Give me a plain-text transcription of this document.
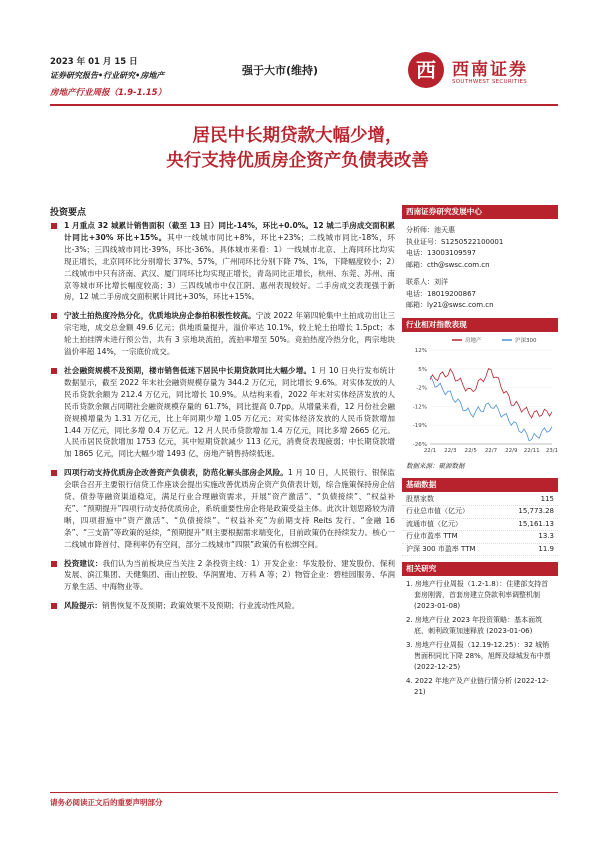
2023 年 01 月 15 日
证券研究报告•行业研究•房地产
房地产行业周报（1.9-1.15）
强于大市(维持)	西 西南证券
SOUTHWEST SECURITIES
居民中长期贷款大幅少增，
央行支持优质房企资产负债表改善
投资要点
1 月重点 32 城累计销售面积（截至 13 日）同比-14%，环比+0.0%。12 城二手房成交面积累计同比+30% 环比+15%。其中一线城市同比+8%，环比+23%；二线城市同比-18%，环比-3%；三四线城市同比-39%，环比-36%。具体城市来看：1）一线城市北京、上海同环比均实现正增长，北京同环比分别增长 37%、57%，广州同环比分别下降 7%、1%，下降幅度较小；2）二线城市中只有济南、武汉、厦门同环比均实现正增长，青岛同比正增长，杭州、东莞、苏州、南京等城市环比增长幅度较高；3）三四线城市中仅江阴、惠州表现较好。二手房成交表现强于新房，12 城二手房成交面积累计同比+30%，环比+15%。
宁波土拍热度冷热分化，优质地块房企参拍积极性较高。宁波 2022 年第四轮集中土拍成功出让三宗宅地，成交总金额 49.6 亿元；供地质量提升，溢价率达 10.1%，较上轮土拍增长 1.5pct；本轮土拍挂牌未进行预公告，共有 3 宗地块流拍，流拍率增至 50%。竞拍热度冷热分化，两宗地块溢价率超 14%，一宗底价成交。
社会融资规模不及预期，楼市销售低迷下居民中长期贷款同比大幅少增。1 月 10 日央行发布统计数据显示，截至 2022 年末社会融资规模存量为 344.2 万亿元，同比增长 9.6%。对实体发放的人民币贷款余额为 212.4 万亿元，同比增长 10.9%。从结构来看，2022 年末对实体经济发放的人民币贷款余额占同期社会融资规模存量的 61.7%，同比提高 0.7pp。从增量来看，12 月份社会融资规模增量为 1.31 万亿元，比上年同期少增 1.05 万亿元；对实体经济发放的人民币贷款增加 1.44 万亿元，同比多增 0.4 万亿元。12 月人民币贷款增加 1.4 万亿元，同比多增 2665 亿元。人民币居民贷款增加 1753 亿元，其中短期贷款减少 113 亿元，消费贷表现疲弱；中长期贷款增加 1865 亿元，同比大幅少增 1493 亿，房地产销售持续低迷。
四项行动支持优质房企改善资产负债表，防范化解头部房企风险。1 月 10 日，人民银行、银保监会联合召开主要银行信贷工作座谈会提出实施改善优质房企资产负债表计划，综合施策保持房企信贷、债券等融资渠道稳定，满足行业合理融资需求，开展“资产激活”、“负债接续”、“权益补充”、“预期提升”四项行动支持优质房企，系统重要性房企将是政策受益主体。此次计划思路较为清晰，四项措施中“资产激活”、“负债接续”、“权益补充”为前期支持 Reits 发行、“金融 16 条”、“三支箭”等政策的延续，“预期提升”则主要根据需求端变化，目前政策仍在持续发力。核心一二线城市降首付、降利率仍有空间，部分二线城市“四限”政策仍有松绑空间。
投资建议：我们认为当前板块应当关注 2 条投资主线：1）开发企业：华发股份、建发股份、保利发展、滨江集团、天健集团、南山控股、华润置地、万科 A 等；2）物管企业：碧桂园服务、华润万象生活、中海物业等。
风险提示：销售恢复不及预期；政策效果不及预期；行业流动性风险。
西南证券研究发展中心
分析师：池天惠
执业证号：S1250522100001
电话：13003109597
邮箱：cth@swsc.com.cn
联系人：刘洋
电话：18019200867
邮箱：ly21@swsc.com.cn
行业相对指数表现
12%
5%
-2%
-12%
-19%
-26%
22/1 22/3 22/5 22/7 22/9 22/11 23/1
房地产	沪深300
数据来源：聚源数据
基础数据
股票家数	115
行业总市值（亿元）	15,773.28
流通市值（亿元）	15,161.13
行业市盈率 TTM	13.3
沪深 300 市盈率 TTM	11.9
相关研究
1. 房地产行业周报（1.2-1.8）：住建部支持首套房刚需，首套房建立贷款利率调整机制 (2023-01-08)
2. 房地产行业 2023 年投资策略：基本面筑底，刺利政策加速释放 (2023-01-06)
3. 房地产行业周报（12.19-12.25）：32 城销售面积同比下降 28%，旭辉及绿城发布中票 (2022-12-25)
4. 2022 年地产及产业链行情分析 (2022-12-21)
请务必阅读正文后的重要声明部分
